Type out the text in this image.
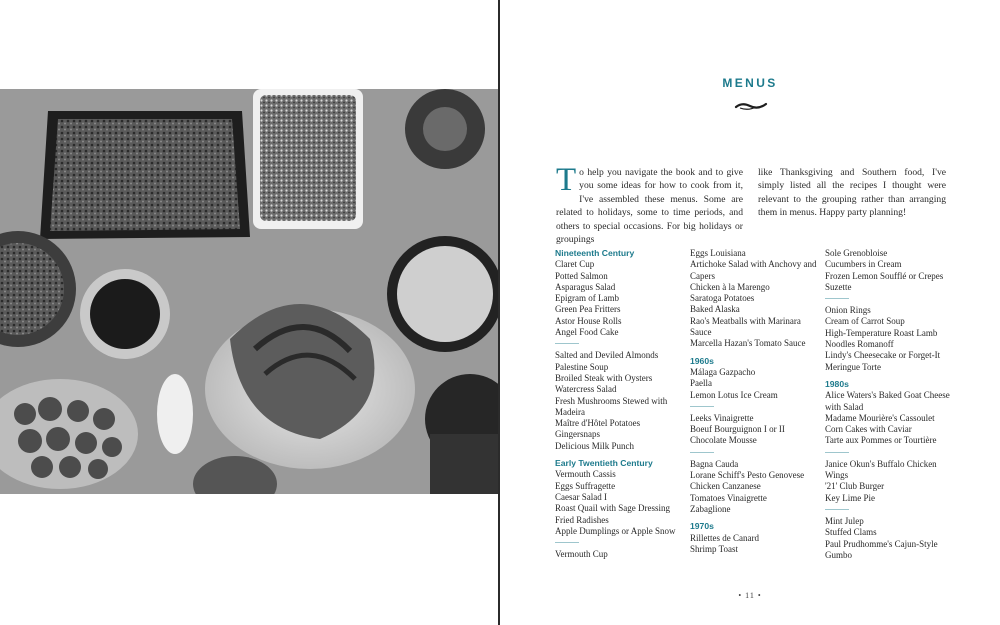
MENUS
To help you navigate the book and to give you some ideas for how to cook from it, I've assembled these menus. Some are related to holidays, some to time periods, and others to special occasions. For big holidays or groupings
like Thanksgiving and Southern food, I've simply listed all the recipes I thought were relevant to the grouping rather than arranging them in menus. Happy party planning!
Nineteenth Century
Claret Cup
Potted Salmon
Asparagus Salad
Epigram of Lamb
Green Pea Fritters
Astor House Rolls
Angel Food Cake
Salted and Deviled Almonds
Palestine Soup
Broiled Steak with Oysters
Watercress Salad
Fresh Mushrooms Stewed with Madeira
Maître d'Hôtel Potatoes
Gingersnaps
Delicious Milk Punch
Early Twentieth Century
Vermouth Cassis
Eggs Suffragette
Caesar Salad I
Roast Quail with Sage Dressing
Fried Radishes
Apple Dumplings or Apple Snow
Vermouth Cup
Eggs Louisiana
Artichoke Salad with Anchovy and Capers
Chicken à la Marengo
Saratoga Potatoes
Baked Alaska
Rao's Meatballs with Marinara Sauce
Marcella Hazan's Tomato Sauce
1960s
Málaga Gazpacho
Paella
Lemon Lotus Ice Cream
Leeks Vinaigrette
Boeuf Bourguignon I or II
Chocolate Mousse
Bagna Cauda
Lorane Schiff's Pesto Genovese
Chicken Canzanese
Tomatoes Vinaigrette
Zabaglione
1970s
Rillettes de Canard
Shrimp Toast
Sole Grenobloise
Cucumbers in Cream
Frozen Lemon Soufflé or Crepes Suzette
Onion Rings
Cream of Carrot Soup
High-Temperature Roast Lamb
Noodles Romanoff
Lindy's Cheesecake or Forget-It Meringue Torte
1980s
Alice Waters's Baked Goat Cheese with Salad
Madame Mourière's Cassoulet
Corn Cakes with Caviar
Tarte aux Pommes or Tourtière
Janice Okun's Buffalo Chicken Wings
'21' Club Burger
Key Lime Pie
Mint Julep
Stuffed Clams
Paul Prudhomme's Cajun-Style Gumbo
• 11 •
